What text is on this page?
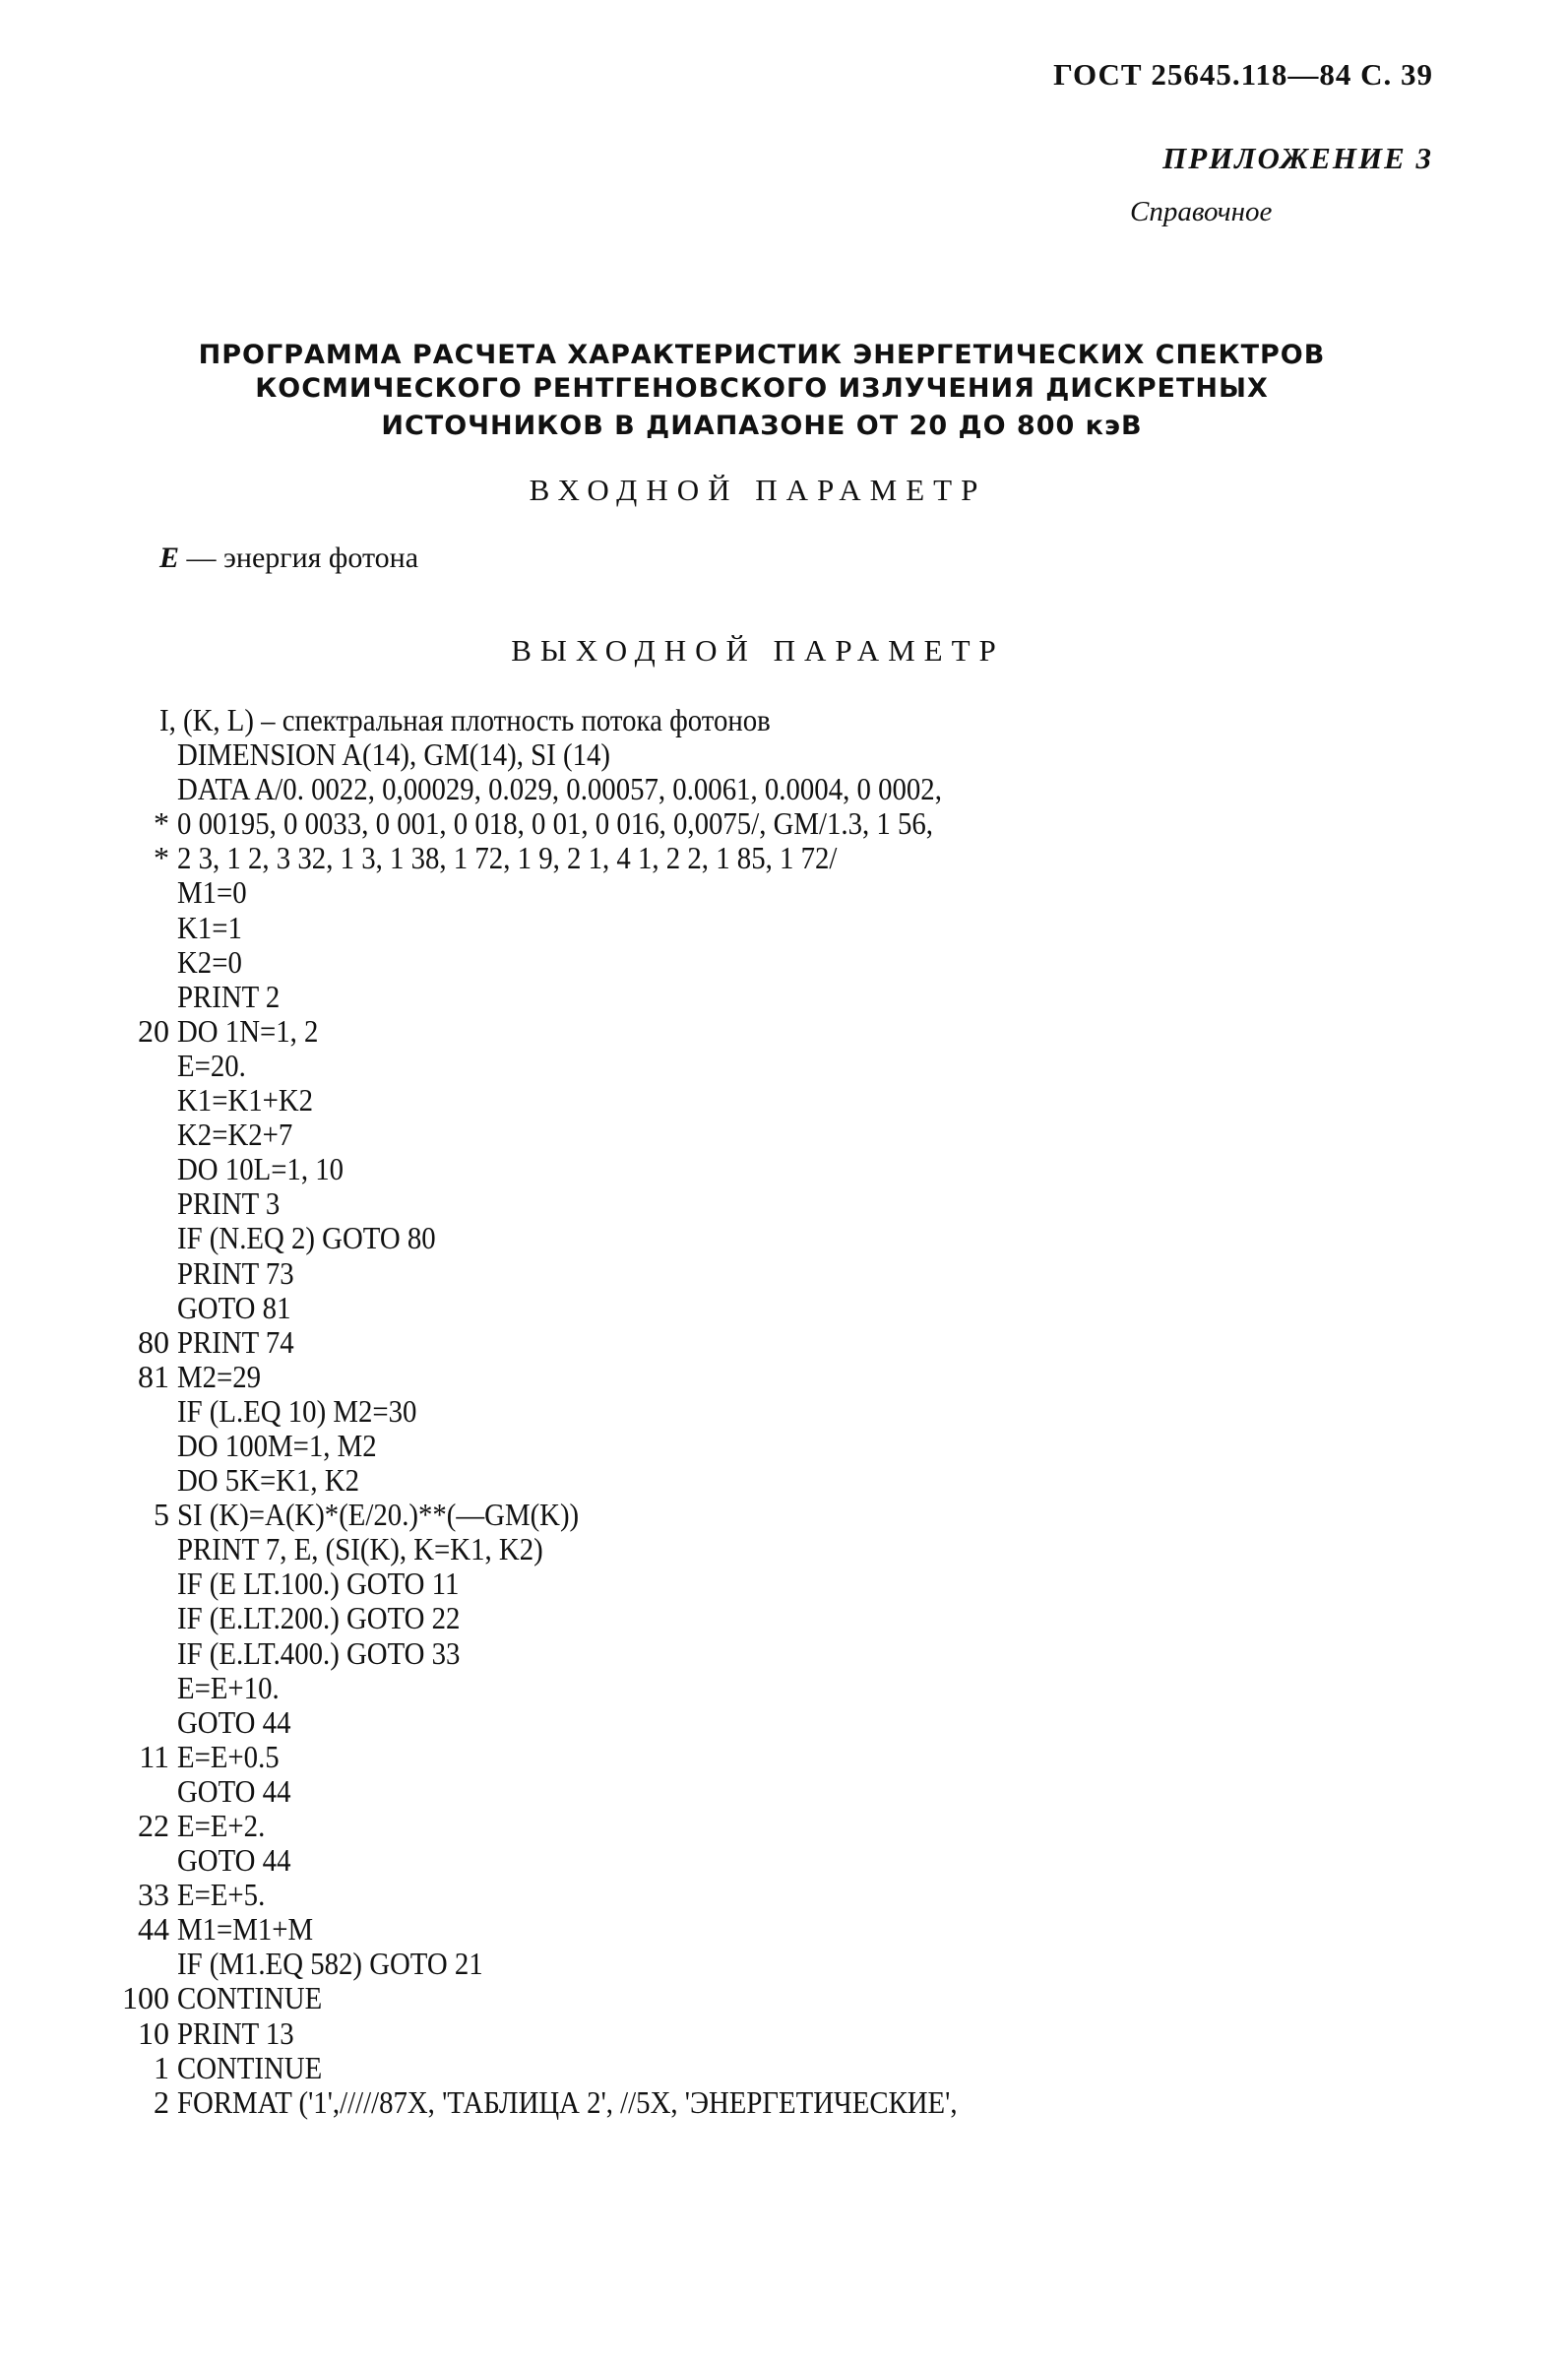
ГОСТ 25645.118—84 С. 39
ПРИЛОЖЕНИЕ 3
Справочное
ПРОГРАММА РАСЧЕТА ХАРАКТЕРИСТИК ЭНЕРГЕТИЧЕСКИХ СПЕКТРОВ
КОСМИЧЕСКОГО РЕНТГЕНОВСКОГО ИЗЛУЧЕНИЯ ДИСКРЕТНЫХ
ИСТОЧНИКОВ В ДИАПАЗОНЕ ОТ 20 ДО 800 кэВ
ВХОДНОЙ ПАРАМЕТР
E — энергия фотона
ВЫХОДНОЙ ПАРАМЕТР
I, (K, L) – спектральная плотность потока фотонов
DIMENSION A(14), GM(14), SI (14)
DATA A/0. 0022, 0,00029, 0.029, 0.00057, 0.0061, 0.0004, 0 0002,
* 0 00195, 0 0033, 0 001, 0 018, 0 01, 0 016, 0,0075/, GM/1.3, 1 56,
* 2 3, 1 2, 3 32, 1 3, 1 38, 1 72, 1 9, 2 1, 4 1, 2 2, 1 85, 1 72/
M1=0
K1=1
K2=0
PRINT 2
20 DO 1N=1, 2
E=20.
K1=K1+K2
K2=K2+7
DO 10L=1, 10
PRINT 3
IF (N.EQ 2) GOTO 80
PRINT 73
GOTO 81
80 PRINT 74
81 M2=29
IF (L.EQ 10) M2=30
DO 100M=1, M2
DO 5K=K1, K2
5 SI (K)=A(K)*(E/20.)**(—GM(K))
PRINT 7, E, (SI(K), K=K1, K2)
IF (E LT.100.) GOTO 11
IF (E.LT.200.) GOTO 22
IF (E.LT.400.) GOTO 33
E=E+10.
GOTO 44
11 E=E+0.5
GOTO 44
22 E=E+2.
GOTO 44
33 E=E+5.
44 M1=M1+M
IF (M1.EQ 582) GOTO 21
100 CONTINUE
10 PRINT 13
1 CONTINUE
2 FORMAT ('1',/////87X, 'ТАБЛИЦА 2', //5X, 'ЭНЕРГЕТИЧЕСКИЕ',
